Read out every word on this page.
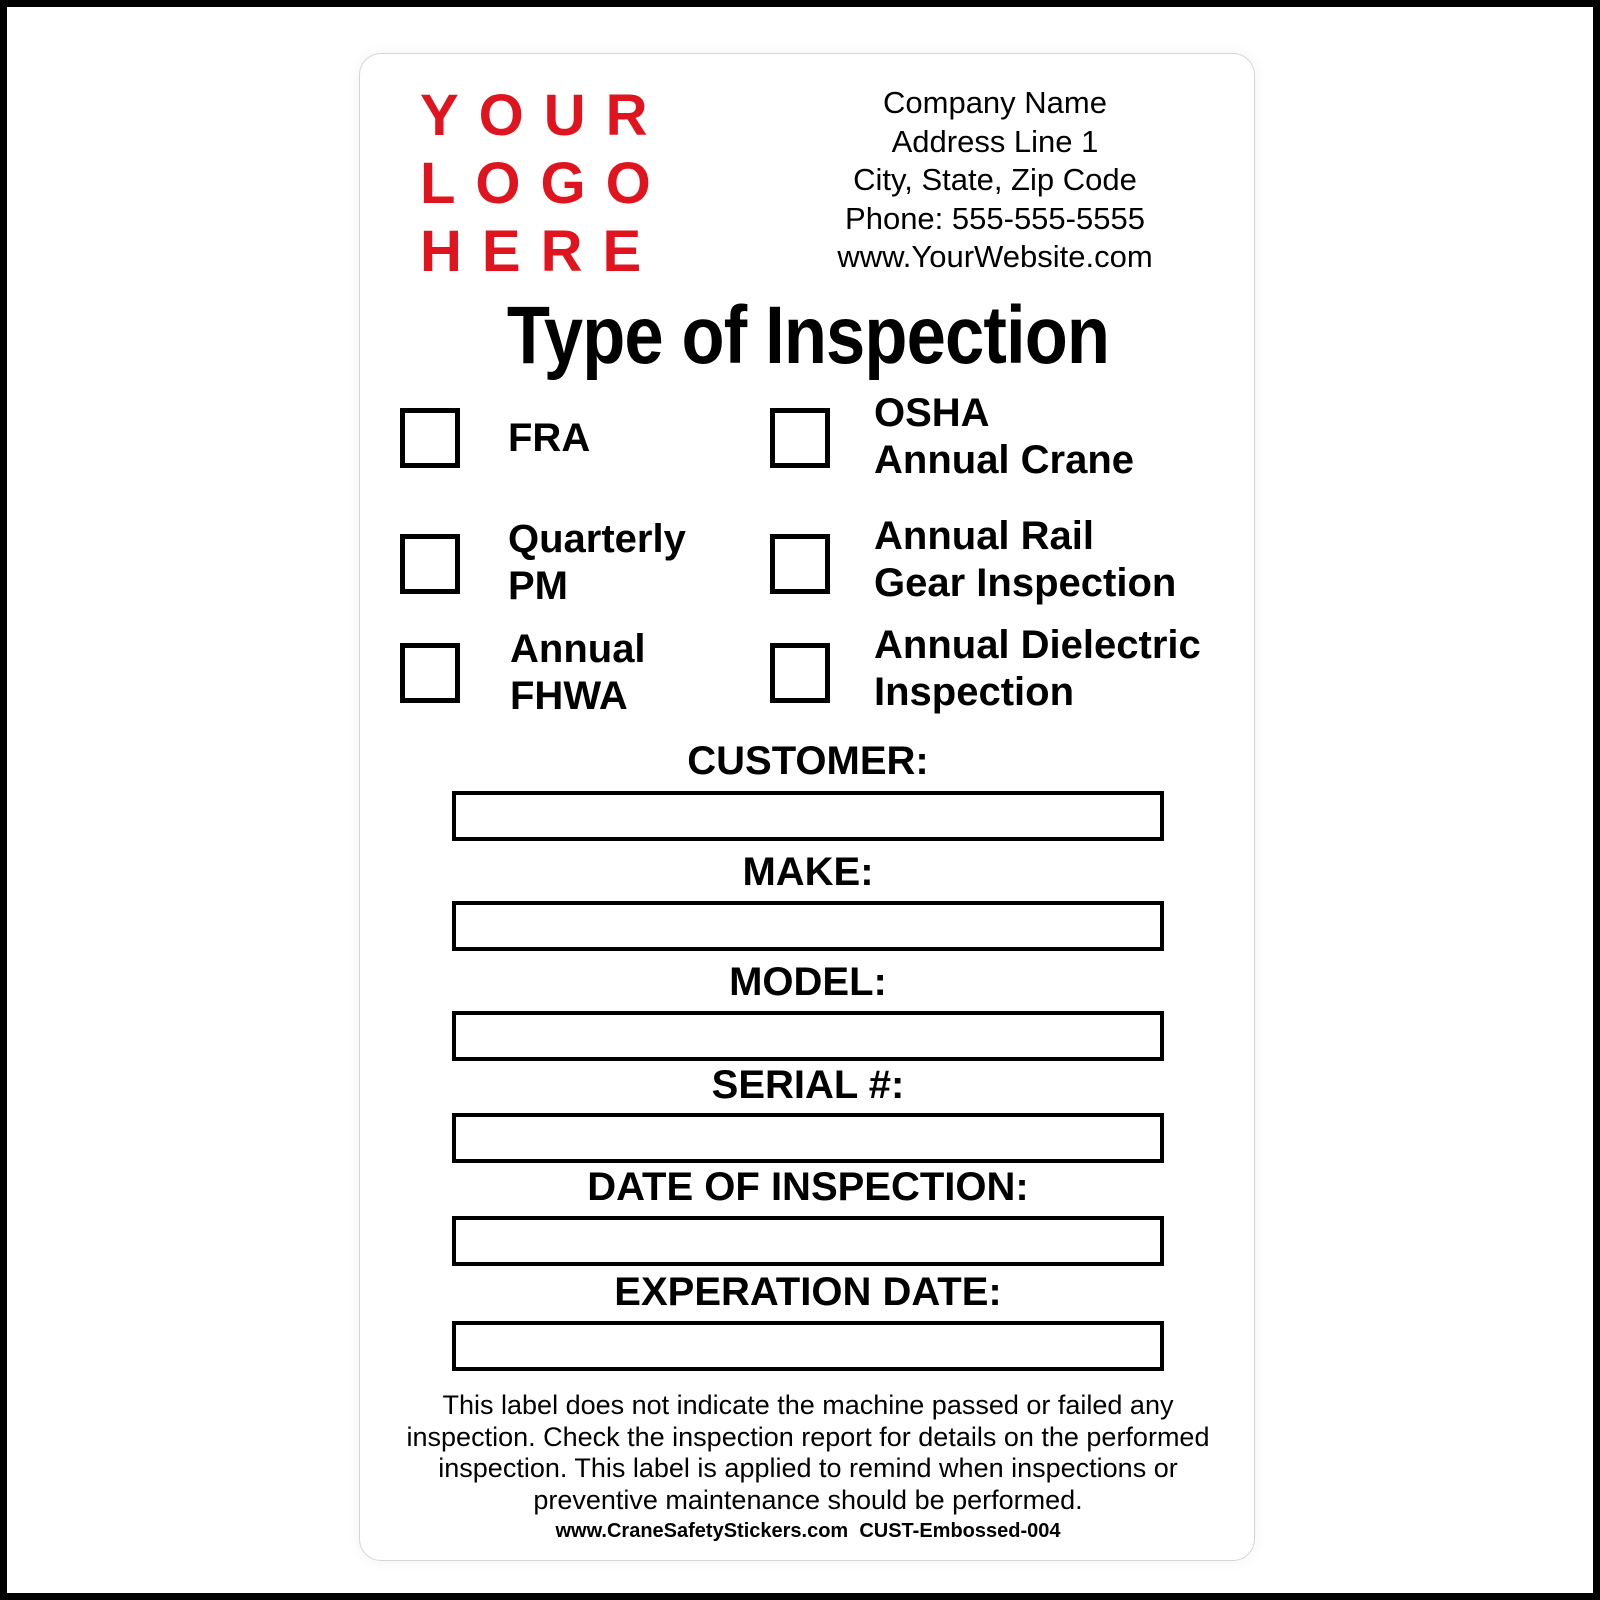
YOUR
LOGO
HERE
Company Name
Address Line 1
City, State, Zip Code
Phone: 555-555-5555
www.YourWebsite.com
Type of Inspection
FRA
OSHA
Annual Crane
Quarterly
PM
Annual Rail
Gear Inspection
Annual
FHWA
Annual Dielectric
Inspection
CUSTOMER:
MAKE:
MODEL:
SERIAL #:
DATE OF INSPECTION:
EXPERATION DATE:
This label does not indicate the machine passed or failed any
inspection. Check the inspection report for details on the performed
inspection. This label is applied to remind when inspections or
preventive maintenance should be performed.
www.CraneSafetyStickers.com  CUST-Embossed-004
